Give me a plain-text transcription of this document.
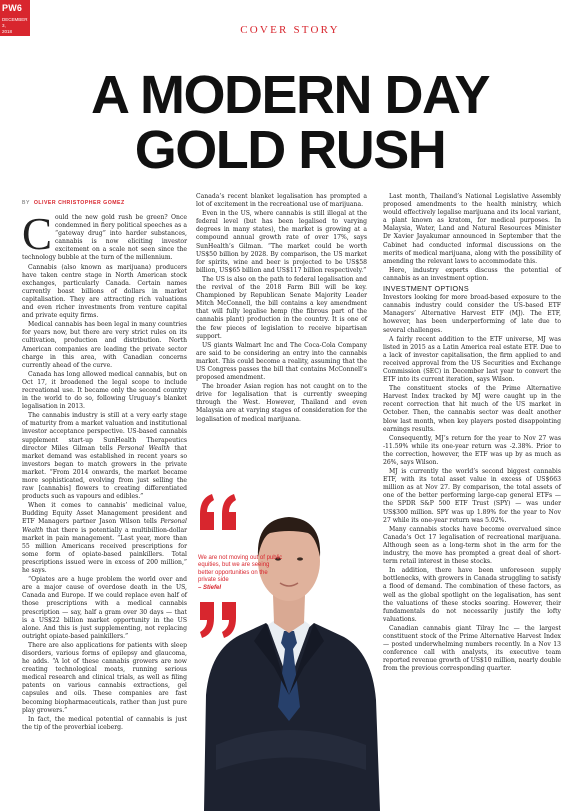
PW6
DECEMBER 3,
2018	COVER STORY
A MODERN DAY
GOLD RUSH
BY OLIVER CHRISTOPHER GOMEZ

Could the new gold rush be green? Once condemned in fiery political speeches as a “gateway drug” into harder substances, cannabis is now eliciting investor excitement on a scale not seen since the technology bubble at the turn of the millennium.

Cannabis (also known as marijuana) producers have taken centre stage in North American stock exchanges, particularly Canada. Certain names currently boast billions of dollars in market capitalisation. They are attracting rich valuations and even richer investments from venture capital and private equity firms.

Medical cannabis has been legal in many countries for years now, but there are very strict rules on its cultivation, production and distribution. North American companies are leading the private sector charge in this area, with Canadian concerns currently ahead of the curve.

Canada has long allowed medical cannabis, but on Oct 17, it broadened the legal scope to include recreational use. It became only the second country in the world to do so, following Uruguay’s blanket legalisation in 2013.

The cannabis industry is still at a very early stage of maturity from a market valuation and institutional investor acceptance perspective. US-based cannabis supplement start-up SunHealth Therapeutics director Miles Gilman tells Personal Wealth that market demand was established in recent years so investors began to match growers in the private market. “From 2014 onwards, the market became more sophisticated, evolving from just selling the raw [cannabis] flowers to creating differentiated products such as vapours and edibles.”

When it comes to cannabis’ medicinal value, Budding Equity Asset Management president and ETF Managers partner Jason Wilson tells Personal Wealth that there is potentially a multibillion-dollar market in pain management. “Last year, more than 55 million Americans received prescriptions for some form of opiate-based painkillers. Total prescriptions issued were in excess of 200 million,” he says.

“Opiates are a huge problem the world over and are a major cause of overdose death in the US, Canada and Europe. If we could replace even half of those prescriptions with a medical cannabis prescription — say, half a gram over 30 days — that is a US$22 billion market opportunity in the US alone. And this is just supplementing, not replacing outright opiate-based painkillers.”

There are also applications for patients with sleep disorders, various forms of epilepsy and glaucoma, he adds. “A lot of these cannabis growers are now creating technological moats, running serious medical research and clinical trials, as well as filing patents on various cannabis extractions, gel capsules and oils. These companies are fast becoming biopharmaceuticals, rather than just pure play growers.”

In fact, the medical potential of cannabis is just the tip of the proverbial iceberg.

Canada’s recent blanket legalisation has prompted a lot of excitement in the recreational use of marijuana.

Even in the US, where cannabis is still illegal at the federal level (but has been legalised to varying degrees in many states), the market is growing at a compound annual growth rate of over 17%, says SunHealth’s Gilman. “The market could be worth US$50 billion by 2028. By comparison, the US market for spirits, wine and beer is projected to be US$58 billion, US$65 billion and US$117 billion respectively.”

The US is also on the path to federal legalisation and the revival of the 2018 Farm Bill will be key. Championed by Republican Senate Majority Leader Mitch McConnell, the bill contains a key amendment that will fully legalise hemp (the fibrous part of the cannabis plant) production in the country. It is one of the few pieces of legislation to receive bipartisan support.

US giants Walmart Inc and The Coca-Cola Company are said to be considering an entry into the cannabis market. This could become a reality, assuming that the US Congress passes the bill that contains McConnell’s proposed amendment.

The broader Asian region has not caught on to the drive for legalisation that is currently sweeping through the West. However, Thailand and even Malaysia are at varying stages of consideration for the legalisation of medical marijuana.

Last month, Thailand’s National Legislative Assembly proposed amendments to the health ministry, which would effectively legalise marijuana and its local variant, a plant known as kratom, for medical purposes. In Malaysia, Water, Land and Natural Resources Minister Dr Xavier Jayakumar announced in September that the Cabinet had conducted informal discussions on the merits of medical marijuana, along with the possibility of amending the relevant laws to accommodate this.

Here, industry experts discuss the potential of cannabis as an investment option.

INVESTMENT OPTIONS

Investors looking for more broad-based exposure to the cannabis industry could consider the US-based ETF Managers’ Alternative Harvest ETF (MJ). The ETF, however, has been underperforming of late due to several challenges.

A fairly recent addition to the ETF universe, MJ was listed in 2015 as a Latin America real estate ETF. Due to a lack of investor capitalisation, the firm applied to and received approval from the US Securities and Exchange Commission (SEC) in December last year to convert the ETF into its current iteration, says Wilson.

The constituent stocks of the Prime Alternative Harvest Index tracked by MJ were caught up in the recent correction that hit much of the US market in October. Then, the cannabis sector was dealt another blow last month, when key players posted disappointing earnings results.

Consequently, MJ’s return for the year to Nov 27 was -11.59% while its one-year return was -2.38%. Prior to the correction, however, the ETF was up by as much as 26%, says Wilson.

MJ is currently the world’s second biggest cannabis ETF, with its total asset value in excess of US$663 million as at Nov 27. By comparison, the total assets of one of the better performing large-cap general ETFs — the SPDR S&P 500 ETF Trust (SPY) — was under US$300 million. SPY was up 1.89% for the year to Nov 27 while its one-year return was 5.02%.

Many cannabis stocks have become overvalued since Canada’s Oct 17 legalisation of recreational marijuana. Although seen as a long-term shot in the arm for the industry, the move has prompted a great deal of short-term retail interest in these stocks.

In addition, there have been unforeseen supply bottlenecks, with growers in Canada struggling to satisfy a flood of demand. The combination of these factors, as well as the global spotlight on the legalisation, has sent the valuations of these stocks soaring. However, their fundamentals do not necessarily justify the lofty valuations.

Canadian cannabis giant Tilray Inc — the largest constituent stock of the Prime Alternative Harvest Index — posted underwhelming numbers recently. In a Nov 13 conference call with analysts, its executive team reported revenue growth of US$10 million, nearly double from the previous corresponding quarter.

We are not moving out of public equities, but we are seeing better opportunities on the private side
– Stiefel
